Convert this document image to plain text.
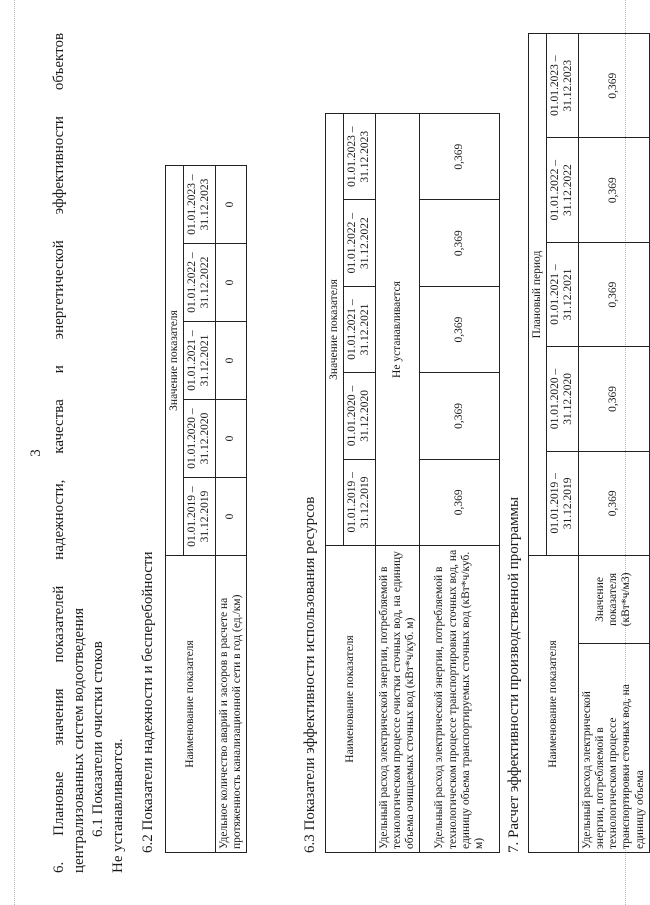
3
6. Плановые значения показателей надежности, качества и энергетической эффективности объектов
централизованных систем водоотведения 6.1 Показатели очистки стоков Не устанавливаются. 6.2 Показатели надежности и бесперебойности Наименование показателя	Значение показателя				
	01.01.2019 – 31.12.2019	01.01.2020 – 31.12.2020	01.01.2021 – 31.12.2021	01.01.2022 – 31.12.2022	01.01.2023 – 31.12.2023
Удельное количество аварий и засоров в расчете на протяженность канализационной сети в год (ед./км)	0	0	0	0	0
6.3 Показатели эффективности использования ресурсов Наименование показателя	Значение показателя				
	01.01.2019 – 31.12.2019	01.01.2020 – 31.12.2020	01.01.2021 – 31.12.2021	01.01.2022 – 31.12.2022	01.01.2023 – 31.12.2023
Удельный расход электрической энергии, потребляемой в технологическом процессе очистки сточных вод, на единицу объема очищаемых сточных вод (кВт*ч/куб. м)	Не устанавливается				
Удельный расход электрической энергии, потребляемой в технологическом процессе транспортировки сточных вод, на единицу объема транспортируемых сточных вод (кВт*ч/куб. м)	0,369	0,369	0,369	0,369	0,369
7. Расчет эффективности производственной программы Наименование показателя		Плановый период				
		01.01.2019 – 31.12.2019	01.01.2020 – 31.12.2020	01.01.2021 – 31.12.2021	01.01.2022 – 31.12.2022	01.01.2023 – 31.12.2023
Удельный расход электрической энергии, потребляемой в технологическом процессе транспортировки сточных вод, на единицу объема	Значение показателя (кВт*ч/м3)	0,369	0,369	0,369	0,369	0,369
